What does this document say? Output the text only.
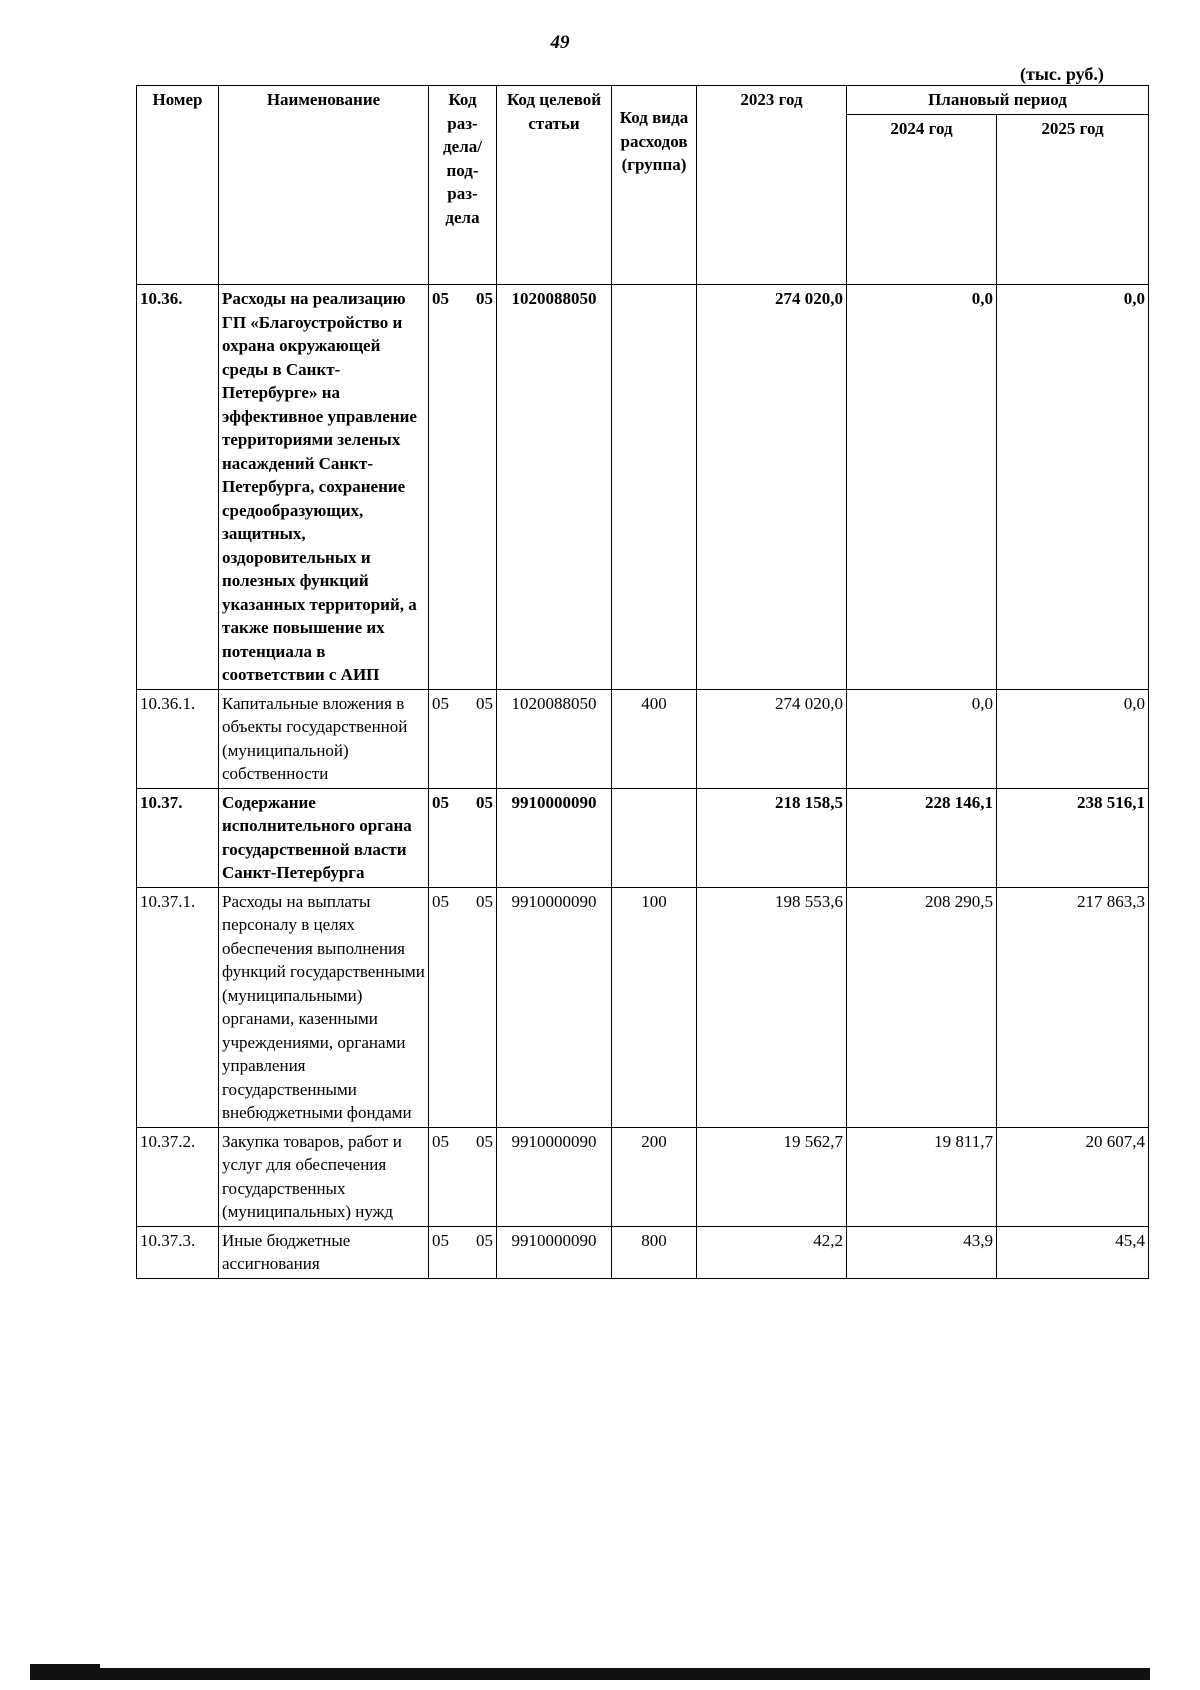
49
(тыс. руб.)
Номер	Наименование	Код раз- дела/ под- раз- дела	Код целевой статьи	Код вида расходов (группа)	2023 год	Плановый период	
						2024 год	2025 год
10.36.	Расходы на реализацию ГП «Благоустройство и охрана окружающей среды в Санкт-Петербурге» на эффективное управление территориями зеленых насаждений Санкт-Петербурга, сохранение средообразующих, защитных, оздоровительных и полезных функций указанных территорий, а также повышение их потенциала в соответствии с АИП	05 05	1020088050		274 020,0	0,0	0,0
10.36.1.	Капитальные вложения в объекты государственной (муниципальной) собственности	05 05	1020088050	400	274 020,0	0,0	0,0
10.37.	Содержание исполнительного органа государственной власти Санкт-Петербурга	05 05	9910000090		218 158,5	228 146,1	238 516,1
10.37.1.	Расходы на выплаты персоналу в целях обеспечения выполнения функций государственными (муниципальными) органами, казенными учреждениями, органами управления государственными внебюджетными фондами	05 05	9910000090	100	198 553,6	208 290,5	217 863,3
10.37.2.	Закупка товаров, работ и услуг для обеспечения государственных (муниципальных) нужд	05 05	9910000090	200	19 562,7	19 811,7	20 607,4
10.37.3.	Иные бюджетные ассигнования	05 05	9910000090	800	42,2	43,9	45,4
